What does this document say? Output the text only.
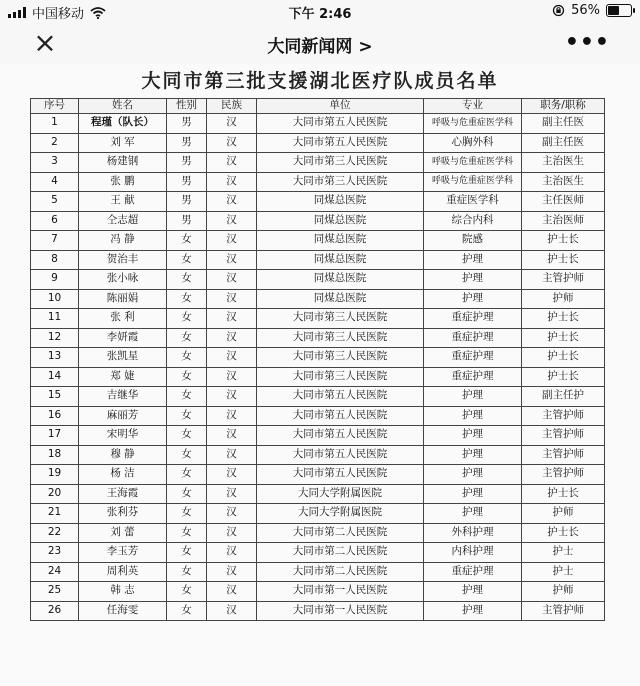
中国移动	下午 2:46	56%
×	大同新闻网 >	•••
大同市第三批支援湖北医疗队成员名单
序号	姓名	性别	民族	单位	专业	职务/职称
1	程瑾（队长）	男	汉	大同市第五人民医院	呼吸与危重症医学科	副主任医
2	刘 军	男	汉	大同市第五人民医院	心胸外科	副主任医
3	杨建钢	男	汉	大同市第三人民医院	呼吸与危重症医学科	主治医生
4	张 鹏	男	汉	大同市第三人民医院	呼吸与危重症医学科	主治医生
5	王 献	男	汉	同煤总医院	重症医学科	主任医师
6	仝志超	男	汉	同煤总医院	综合内科	主治医师
7	冯 静	女	汉	同煤总医院	院感	护士长
8	贺治丰	女	汉	同煤总医院	护理	护士长
9	张小咏	女	汉	同煤总医院	护理	主管护师
10	陈丽娟	女	汉	同煤总医院	护理	护师
11	张 利	女	汉	大同市第三人民医院	重症护理	护士长
12	李妍霞	女	汉	大同市第三人民医院	重症护理	护士长
13	张凯星	女	汉	大同市第三人民医院	重症护理	护士长
14	郑 婕	女	汉	大同市第三人民医院	重症护理	护士长
15	吉继华	女	汉	大同市第五人民医院	护理	副主任护
16	麻丽芳	女	汉	大同市第五人民医院	护理	主管护师
17	宋明华	女	汉	大同市第五人民医院	护理	主管护师
18	穆 静	女	汉	大同市第五人民医院	护理	主管护师
19	杨 洁	女	汉	大同市第五人民医院	护理	主管护师
20	王海霞	女	汉	大同大学附属医院	护理	护士长
21	张利芬	女	汉	大同大学附属医院	护理	护师
22	刘 蕾	女	汉	大同市第二人民医院	外科护理	护士长
23	李玉芳	女	汉	大同市第二人民医院	内科护理	护士
24	周利英	女	汉	大同市第二人民医院	重症护理	护士
25	韩 志	女	汉	大同市第一人民医院	护理	护师
26	任海雯	女	汉	大同市第一人民医院	护理	主管护师
